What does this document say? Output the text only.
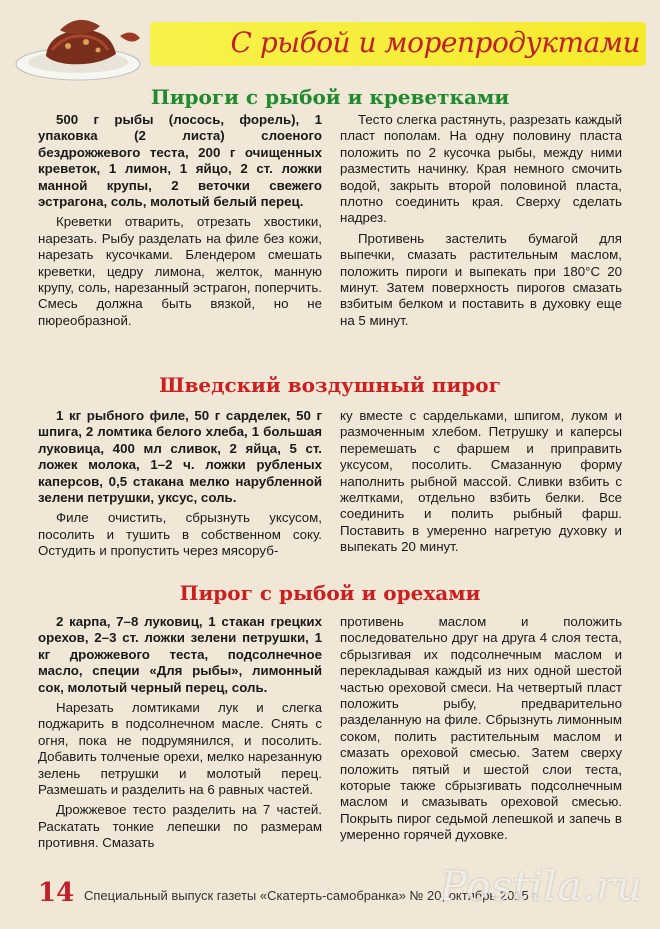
С рыбой и морепродуктами
Пироги с рыбой и креветками

500 г рыбы (лосось, форель), 1 упаковка (2 листа) слоеного бездрожжевого теста, 200 г очищенных креветок, 1 лимон, 1 яйцо, 2 ст. ложки манной крупы, 2 веточки свежего эстрагона, соль, молотый белый перец.

Креветки отварить, отрезать хвостики, нарезать. Рыбу разделать на филе без кожи, нарезать кусочками. Блендером смешать креветки, цедру лимона, желток, манную крупу, соль, нарезанный эстрагон, поперчить. Смесь должна быть вязкой, но не пюреобразной.

Тесто слегка растянуть, разрезать каждый пласт пополам. На одну половину пласта положить по 2 кусочка рыбы, между ними разместить начинку. Края немного смочить водой, закрыть второй половиной пласта, плотно соединить края. Сверху сделать надрез.

Противень застелить бумагой для выпечки, смазать растительным маслом, положить пироги и выпекать при 180°С 20 минут. Затем поверхность пирогов смазать взбитым белком и поставить в духовку еще на 5 минут.

Шведский воздушный пирог

1 кг рыбного филе, 50 г сарделек, 50 г шпига, 2 ломтика белого хлеба, 1 большая луковица, 400 мл сливок, 2 яйца, 5 ст. ложек молока, 1–2 ч. ложки рубленых каперсов, 0,5 стакана мелко нарубленной зелени петрушки, уксус, соль.

Филе очистить, сбрызнуть уксусом, посолить и тушить в собственном соку. Остудить и пропустить через мясоруб-

ку вместе с сардельками, шпигом, луком и размоченным хлебом. Петрушку и каперсы перемешать с фаршем и приправить уксусом, посолить. Смазанную форму наполнить рыбной массой. Сливки взбить с желтками, отдельно взбить белки. Все соединить и полить рыбный фарш. Поставить в умеренно нагретую духовку и выпекать 20 минут.

Пирог с рыбой и орехами

2 карпа, 7–8 луковиц, 1 стакан грецких орехов, 2–3 ст. ложки зелени петрушки, 1 кг дрожжевого теста, подсолнечное масло, специи «Для рыбы», лимонный сок, молотый черный перец, соль.

Нарезать ломтиками лук и слегка поджарить в подсолнечном масле. Снять с огня, пока не подрумянился, и посолить. Добавить толченые орехи, мелко нарезанную зелень петрушки и молотый перец. Размешать и разделить на 6 равных частей.

Дрожжевое тесто разделить на 7 частей. Раскатать тонкие лепешки по размерам противня. Смазать

противень маслом и положить последовательно друг на друга 4 слоя теста, сбрызгивая их подсолнечным маслом и перекладывая каждый из них одной шестой частью ореховой смеси. На четвертый пласт положить рыбу, предварительно разделанную на филе. Сбрызнуть лимонным соком, полить растительным маслом и смазать ореховой смесью. Затем сверху положить пятый и шестой слои теста, которые также сбрызгивать подсолнечным маслом и смазывать ореховой смесью. Покрыть пирог седьмой лепешкой и запечь в умеренно горячей духовке.

14 Специальный выпуск газеты «Скатерть-самобранка» № 20, октябрь 2015 г.
Postila.ru
